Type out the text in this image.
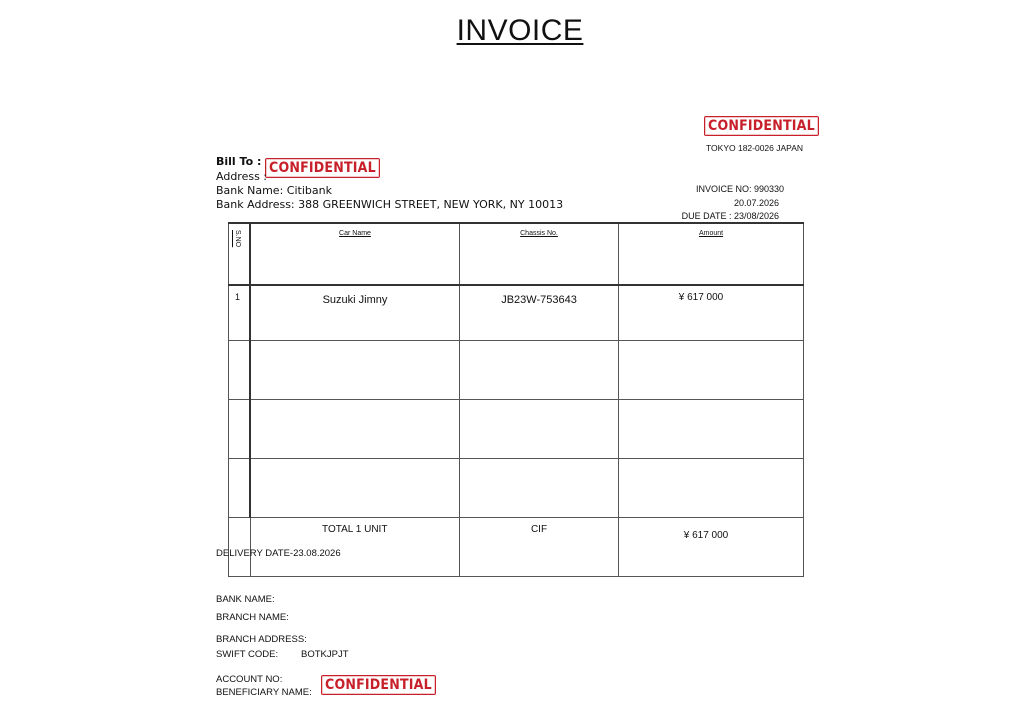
INVOICE
CONFIDENTIAL
TOKYO 182-0026 JAPAN
Bill To : CONFIDENTIAL
Address :
Bank Name: Citibank
Bank Address: 388 GREENWICH STREET, NEW YORK, NY 10013
INVOICE NO: 990330
20.07.2026
DUE DATE : 23/08/2026
S.NO	Car Name	Chassis No.	Amount

1	Suzuki Jimny	JB23W-753643	¥ 617 000

	TOTAL 1 UNIT	CIF	¥ 617 000
DELIVERY DATE-23.08.2026
BANK NAME:
BRANCH NAME:
BRANCH ADDRESS:
SWIFT CODE: BOTKJPJT
ACCOUNT NO:
BENEFICIARY NAME: CONFIDENTIAL
